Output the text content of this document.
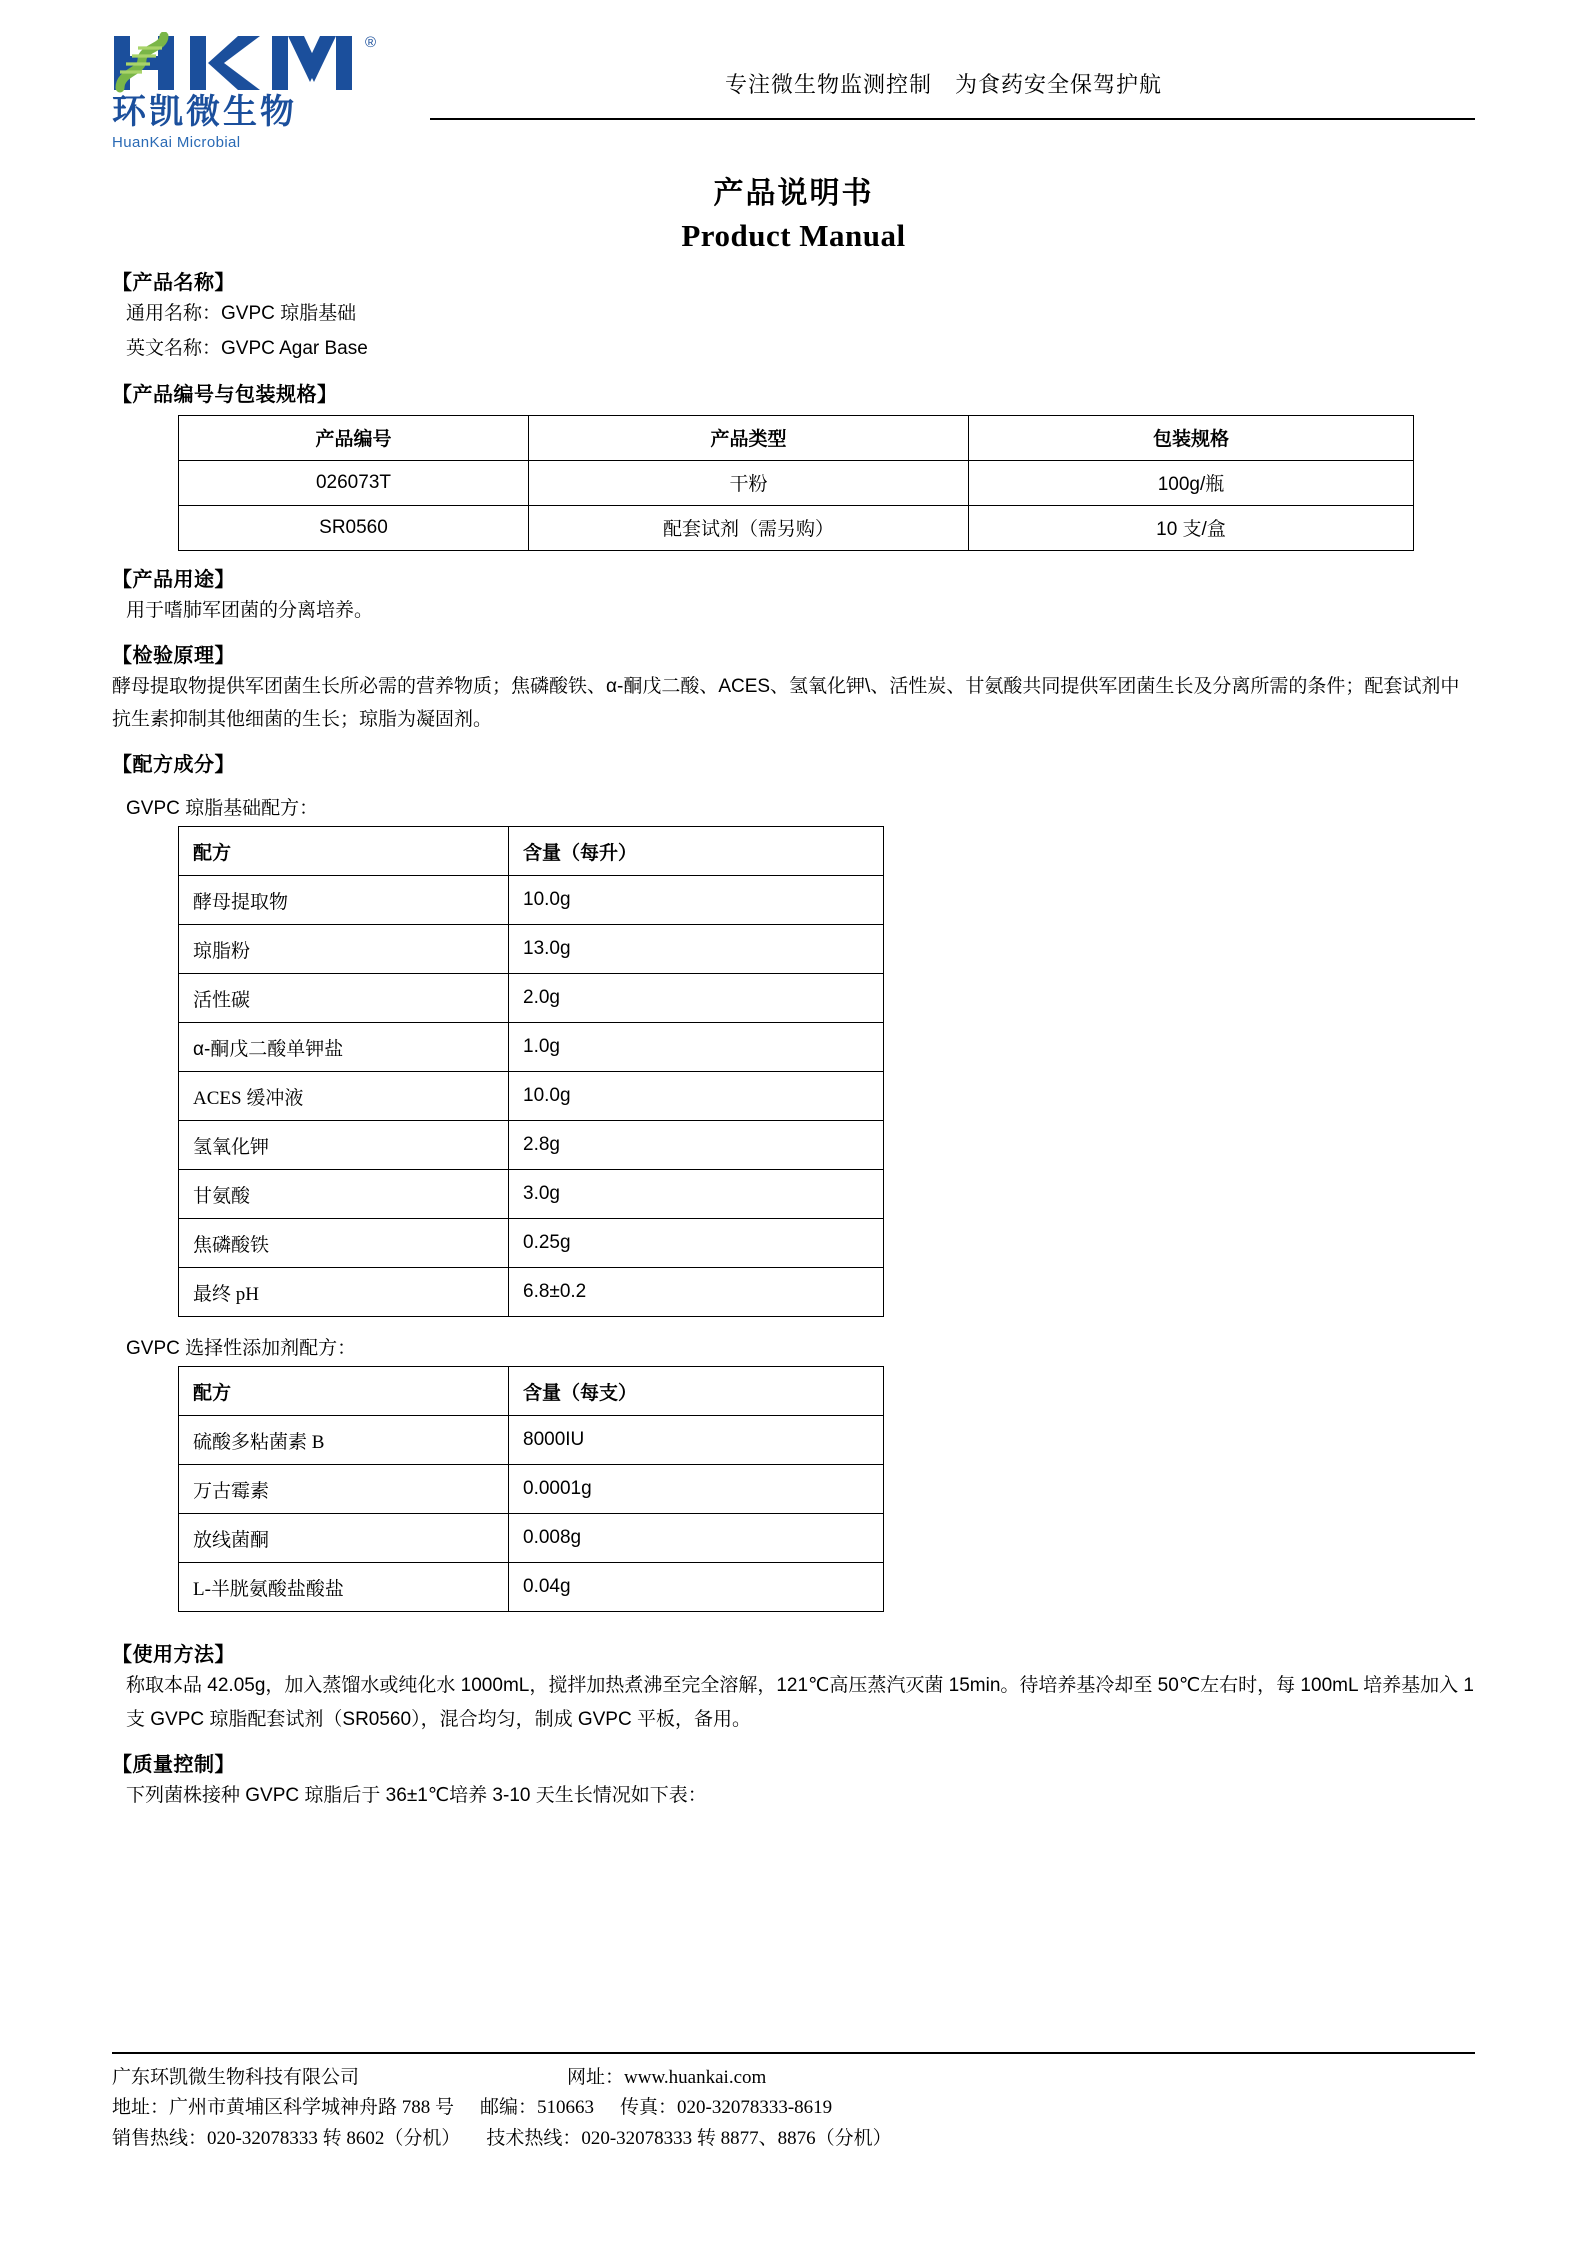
®
环凯微生物
HuanKai Microbial
专注微生物监测控制　为食药安全保驾护航
产品说明书
Product Manual
【产品名称】
通用名称：GVPC 琼脂基础
英文名称：GVPC Agar Base
【产品编号与包装规格】
产品编号	产品类型	包装规格
026073T	干粉	100g/瓶
SR0560	配套试剂（需另购）	10 支/盒
【产品用途】
用于嗜肺军团菌的分离培养。
【检验原理】
酵母提取物提供军团菌生长所必需的营养物质；焦磷酸铁、α-酮戊二酸、ACES、氢氧化钾\、活性炭、甘氨酸共同提供军团菌生长及分离所需的条件；配套试剂中抗生素抑制其他细菌的生长；琼脂为凝固剂。
【配方成分】
GVPC 琼脂基础配方：
配方	含量（每升）
酵母提取物	10.0g
琼脂粉	13.0g
活性碳	2.0g
α-酮戊二酸单钾盐	1.0g
ACES 缓冲液	10.0g
氢氧化钾	2.8g
甘氨酸	3.0g
焦磷酸铁	0.25g
最终 pH	6.8±0.2
GVPC 选择性添加剂配方：
配方	含量（每支）
硫酸多粘菌素 B	8000IU
万古霉素	0.0001g
放线菌酮	0.008g
L-半胱氨酸盐酸盐	0.04g
【使用方法】
称取本品 42.05g，加入蒸馏水或纯化水 1000mL，搅拌加热煮沸至完全溶解，121℃高压蒸汽灭菌 15min。待培养基冷却至 50℃左右时，每 100mL 培养基加入 1 支 GVPC 琼脂配套试剂（SR0560），混合均匀，制成 GVPC 平板，备用。
【质量控制】
下列菌株接种 GVPC 琼脂后于 36±1℃培养 3-10 天生长情况如下表：
广东环凯微生物科技有限公司	网址：www.huankai.com
地址：广州市黄埔区科学城神舟路 788 号 邮编：510663 传真：020-32078333-8619
销售热线：020-32078333 转 8602（分机） 技术热线：020-32078333 转 8877、8876（分机）
